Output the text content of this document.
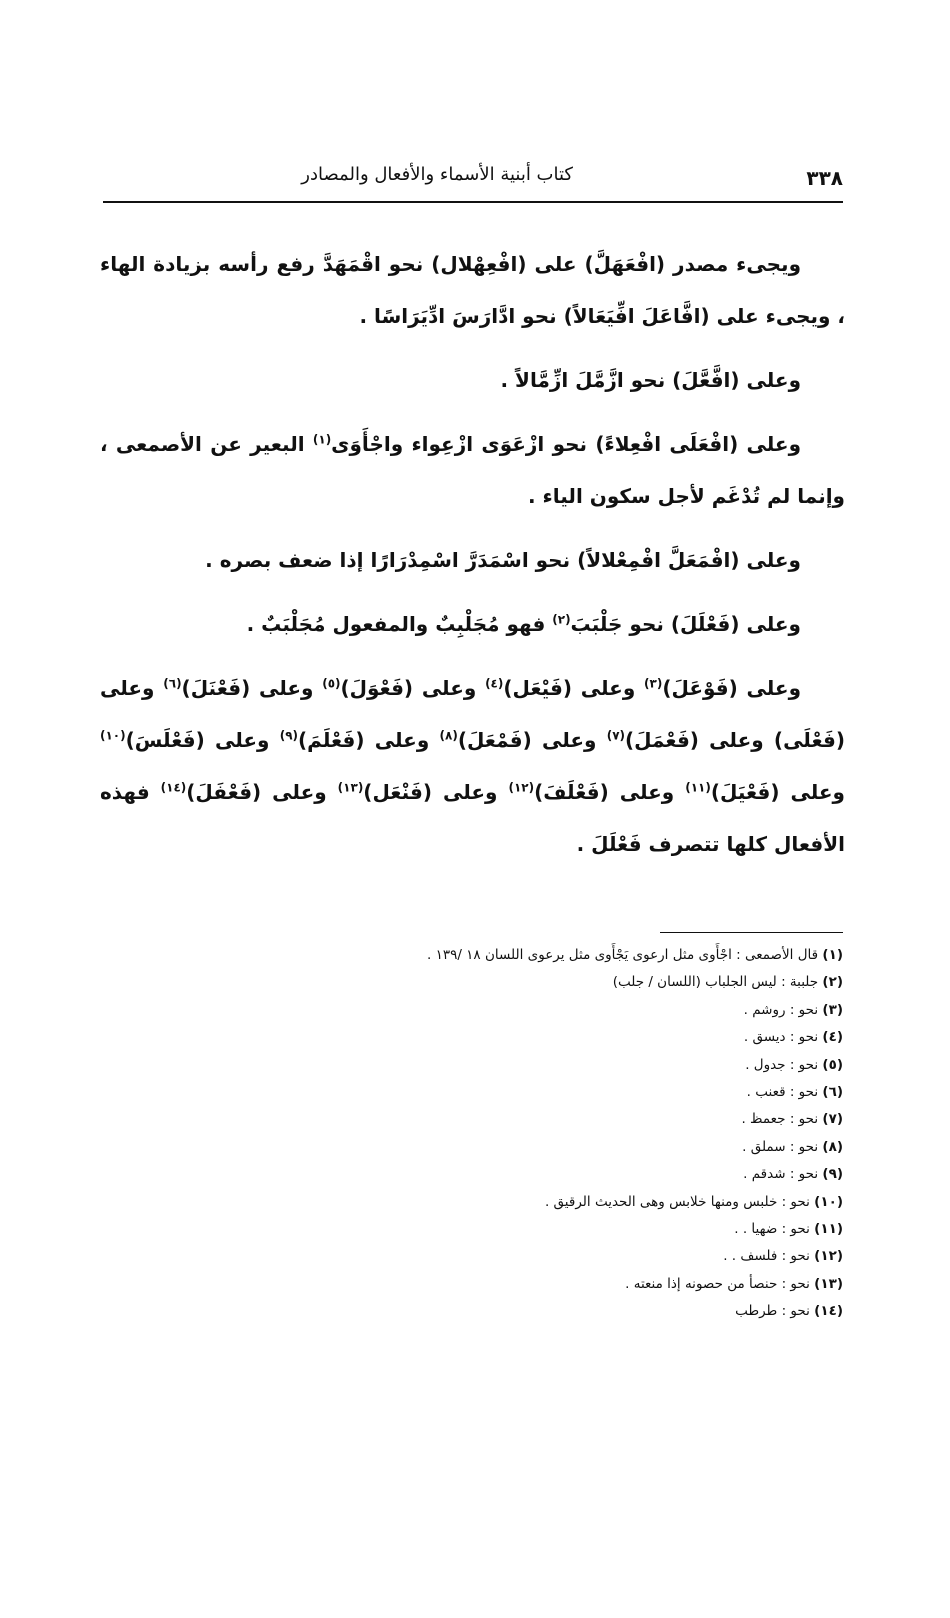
٣٣٨
كتاب أبنية الأسماء والأفعال والمصادر

ويجىء مصدر (افْعَهَلَّ) على (افْعِهْلال) نحو اقْمَهَدَّ رفع رأسه بزيادة الهاء ، ويجىء على (افَّاعَلَ افِّيَعَالاً) نحو ادَّارَسَ ادِّيَرَاسًا .

وعلى (افَّعَّلَ) نحو ازَّمَّلَ ازِّمَّالاً .

وعلى (افْعَلَى افْعِلاءً) نحو ازْعَوَى ازْعِواء واجْأَوَى$^{(١)}$ البعير عن الأصمعى ، وإنما لم تُدْغَم لأجل سكون الياء .

وعلى (افْمَعَلَّ افْمِعْلالاً) نحو اسْمَدَرَّ اسْمِدْرَارًا إذا ضعف بصره .

وعلى (فَعْلَلَ) نحو جَلْبَبَ$^{(٢)}$ فهو مُجَلْبِبٌ والمفعول مُجَلْبَبٌ .

وعلى (فَوْعَلَ)$^{(٣)}$ وعلى (فَيْعَل)$^{(٤)}$ وعلى (فَعْوَلَ)$^{(٥)}$ وعلى (فَعْنَلَ)$^{(٦)}$ وعلى (فَعْلَى) وعلى (فَعْمَلَ)$^{(٧)}$ وعلى (فَمْعَلَ)$^{(٨)}$ وعلى (فَعْلَمَ)$^{(٩)}$ وعلى (فَعْلَسَ)$^{(١٠)}$ وعلى (فَعْيَلَ)$^{(١١)}$ وعلى (فَعْلَفَ)$^{(١٢)}$ وعلى (فَنْعَل)$^{(١٣)}$ وعلى (فَعْفَلَ)$^{(١٤)}$ فهذه الأفعال كلها تتصرف فَعْلَلَ .

(١) قال الأصمعى : اجْأَوى مثل ارعوى يَجْأَوى مثل يرعوى اللسان ١٨ /١٣٩ .
(٢) جلببة : ليس الجلباب (اللسان / جلب)
(٣) نحو : روشم .
(٤) نحو : ديسق .
(٥) نحو : جدول .
(٦) نحو : قعنب .
(٧) نحو : جعمظ .
(٨) نحو : سملق .
(٩) نحو : شدقم .
(١٠) نحو : خلبس ومنها خلابس وهى الحديث الرقيق .
(١١) نحو : ضهيا . .
(١٢) نحو : فلسف . .
(١٣) نحو : حنصأ من حصونه إذا منعته .
(١٤) نحو : طرطب
